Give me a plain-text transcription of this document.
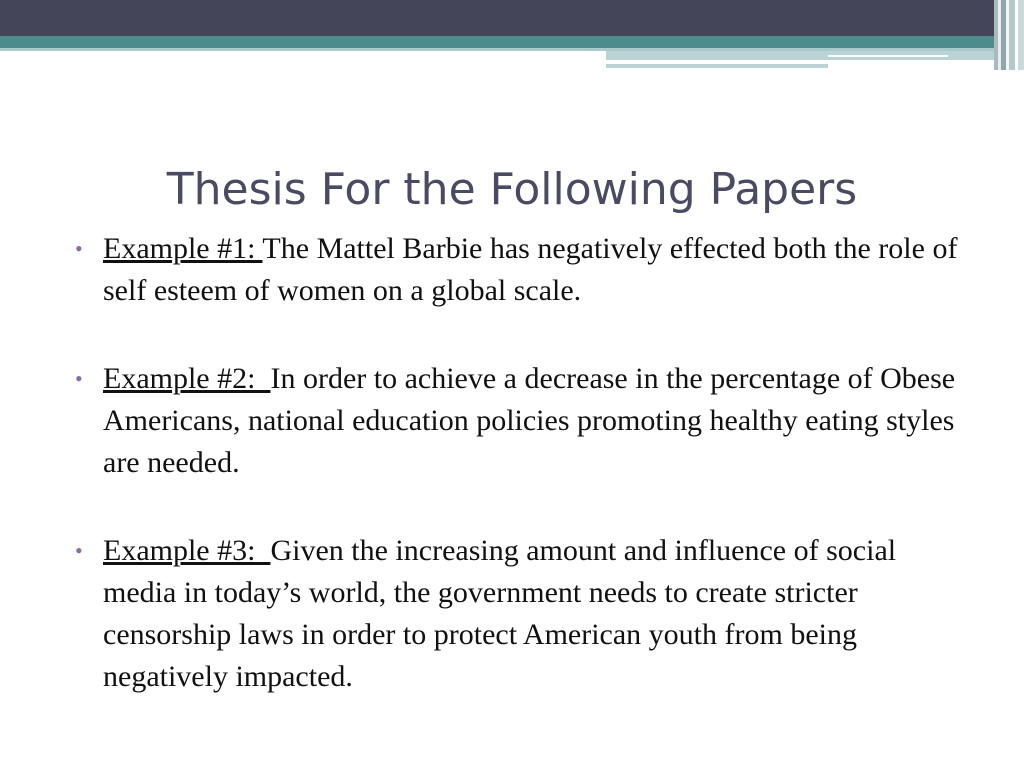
Thesis For the Following Papers
• Example #1: The Mattel Barbie has negatively effected both the role of self esteem of women on a global scale.
• Example #2:  In order to achieve a decrease in the percentage of Obese Americans, national education policies promoting healthy eating styles are needed.
• Example #3:  Given the increasing amount and influence of social media in today’s world, the government needs to create stricter censorship laws in order to protect American youth from being negatively impacted.
